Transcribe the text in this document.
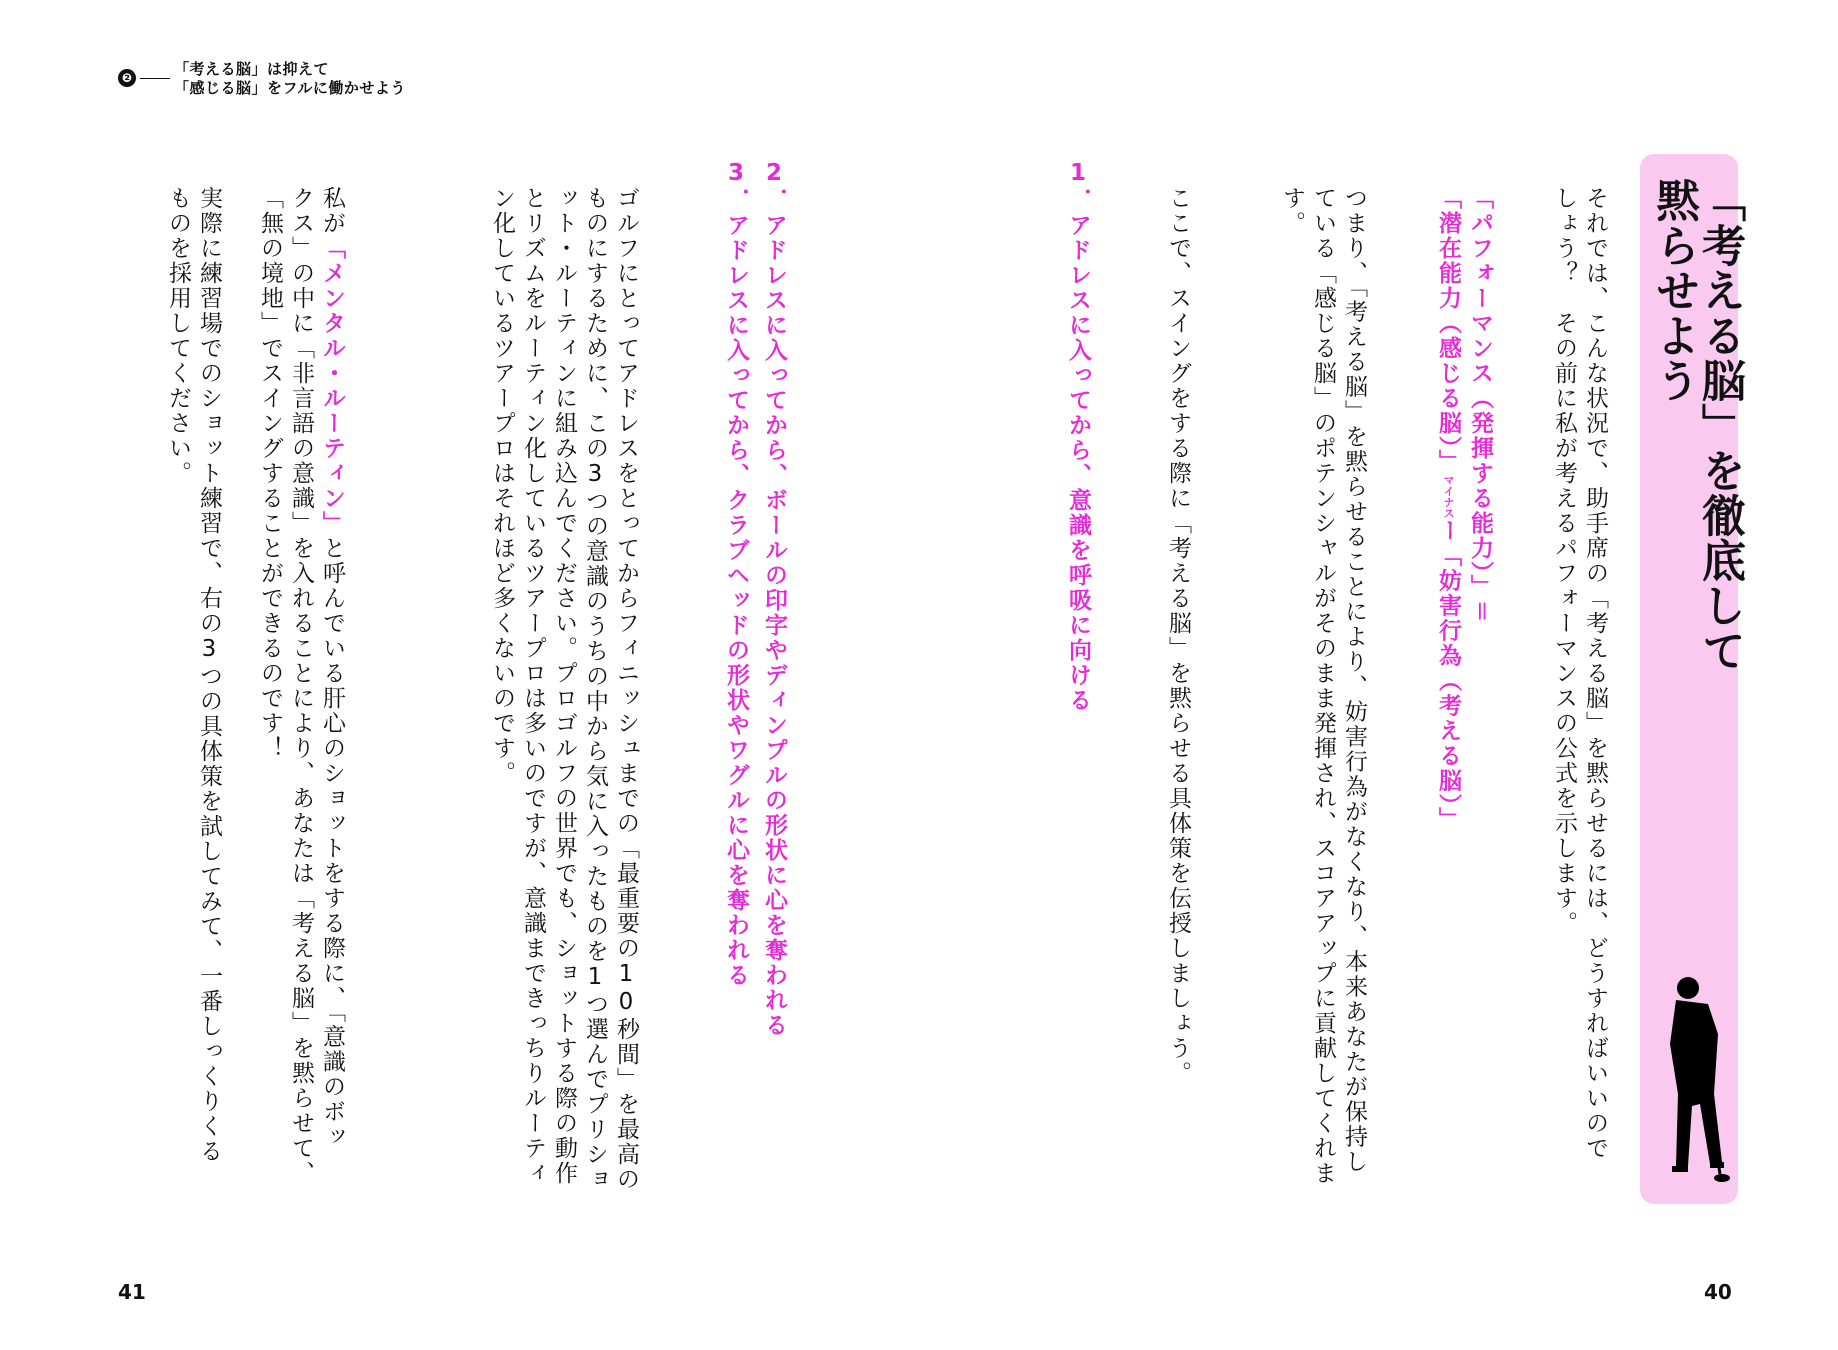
❷	「考える脳」は抑えて
「感じる脳」をフルに働かせよう

「考える脳」を徹底して
黙らせよう

それでは、こんな状況で、助手席の「考える脳」を黙らせるには、どうすればいいので
しょう？　その前に私が考えるパフォーマンスの公式を示します。

「パフォーマンス（発揮する能力）」＝
「潜在能力（感じる脳）」マイナスー「妨害行為（考える脳）」

つまり、「考える脳」を黙らせることにより、妨害行為がなくなり、本来あなたが保持し
ている「感じる脳」のポテンシャルがそのまま発揮され、スコアアップに貢献してくれま
す。

ここで、スイングをする際に「考える脳」を黙らせる具体策を伝授しましょう。

1．アドレスに入ってから、意識を呼吸に向ける

2．アドレスに入ってから、ボールの印字やディンプルの形状に心を奪われる

3．アドレスに入ってから、クラブヘッドの形状やワグルに心を奪われる

ゴルフにとってアドレスをとってからフィニッシュまでの「最重要の10秒間」を最高の
ものにするために、この3つの意識のうちの中から気に入ったものを1つ選んでプリショ
ット・ルーティンに組み込んでください。プロゴルフの世界でも、ショットする際の動作
とリズムをルーティン化しているツアープロは多いのですが、意識まできっちりルーティ
ン化しているツアープロはそれほど多くないのです。

私が「メンタル・ルーティン」と呼んでいる肝心のショットをする際に、「意識のボッ
クス」の中に「非言語の意識」を入れることにより、あなたは「考える脳」を黙らせて、
「無の境地」でスイングすることができるのです！

実際に練習場でのショット練習で、右の3つの具体策を試してみて、一番しっくりくる
ものを採用してください。

41	40
